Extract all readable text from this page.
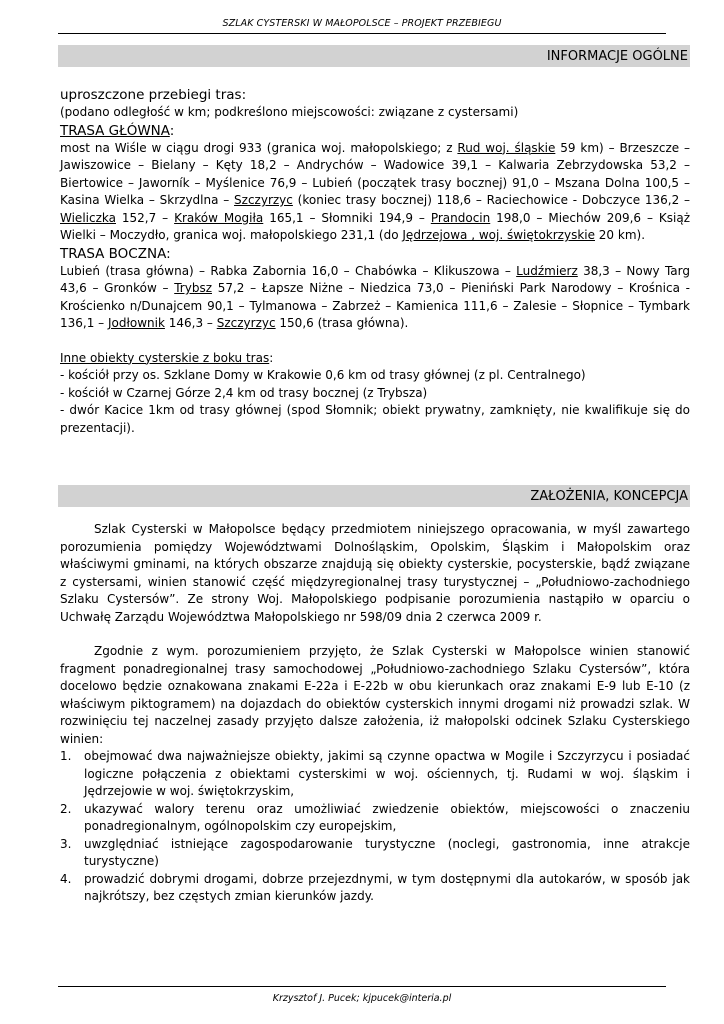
SZLAK CYSTERSKI W MAŁOPOLSCE – PROJEKT PRZEBIEGU
INFORMACJE OGÓLNE

uproszczone przebiegi tras:

(podano odległość w km; podkreślono miejscowości: związane z cystersami)

TRASA GŁÓWNA:

most na Wiśle w ciągu drogi 933 (granica woj. małopolskiego; z Rud woj. śląskie 59 km) – Brzeszcze – Jawiszowice – Bielany – Kęty 18,2 – Andrychów – Wadowice 39,1 – Kalwaria Zebrzydowska 53,2 – Biertowice – Jaworník – Myślenice 76,9 – Lubień (początek trasy bocznej) 91,0 – Mszana Dolna 100,5 – Kasina Wielka – Skrzydlna – Szczyrzyc (koniec trasy bocznej) 118,6 – Raciechowice - Dobczyce 136,2 – Wieliczka 152,7 – Kraków Mogiła 165,1 – Słomniki 194,9 – Prandocin 198,0 – Miechów 209,6 – Książ Wielki – Moczydło, granica woj. małopolskiego 231,1 (do Jędrzejowa , woj. świętokrzyskie 20 km).

TRASA BOCZNA:

Lubień (trasa główna) – Rabka Zabornia 16,0 – Chabówka – Klikuszowa – Ludźmierz 38,3 – Nowy Targ 43,6 – Gronków – Trybsz 57,2 – Łapsze Niżne – Niedzica 73,0 – Pieniński Park Narodowy – Krośnica - Krościenko n/Dunajcem 90,1 – Tylmanowa – Zabrzeż – Kamienica 111,6 – Zalesie – Słopnice – Tymbark 136,1 – Jodłownik 146,3 – Szczyrzyc 150,6 (trasa główna).

Inne obiekty cysterskie z boku tras:

- kościół przy os. Szklane Domy w Krakowie 0,6 km od trasy głównej (z pl. Centralnego)

- kościół w Czarnej Górze 2,4 km od trasy bocznej (z Trybsza)

- dwór Kacice 1km od trasy głównej (spod Słomnik; obiekt prywatny, zamknięty, nie kwalifikuje się do prezentacji).

ZAŁOŻENIA, KONCEPCJA

Szlak Cysterski w Małopolsce będący przedmiotem niniejszego opracowania, w myśl zawartego porozumienia pomiędzy Województwami Dolnośląskim, Opolskim, Śląskim i Małopolskim oraz właściwymi gminami, na których obszarze znajdują się obiekty cysterskie, pocysterskie, bądź związane z cystersami, winien stanowić część międzyregionalnej trasy turystycznej – „Południowo-zachodniego Szlaku Cystersów”. Ze strony Woj. Małopolskiego podpisanie porozumienia nastąpiło w oparciu o Uchwałę Zarządu Województwa Małopolskiego nr 598/09 dnia 2 czerwca 2009 r.

Zgodnie z wym. porozumieniem przyjęto, że Szlak Cysterski w Małopolsce winien stanowić fragment ponadregionalnej trasy samochodowej „Południowo-zachodniego Szlaku Cystersów”, która docelowo będzie oznakowana znakami E-22a i E-22b w obu kierunkach oraz znakami E-9 lub E-10 (z właściwym piktogramem) na dojazdach do obiektów cysterskich innymi drogami niż prowadzi szlak. W rozwinięciu tej naczelnej zasady przyjęto dalsze założenia, iż małopolski odcinek Szlaku Cysterskiego winien:

1. obejmować dwa najważniejsze obiekty, jakimi są czynne opactwa w Mogile i Szczyrzycu i posiadać logiczne połączenia z obiektami cysterskimi w woj. ościennych, tj. Rudami w woj. śląskim i Jędrzejowie w woj. świętokrzyskim,
2. ukazywać walory terenu oraz umożliwiać zwiedzenie obiektów, miejscowości o znaczeniu ponadregionalnym, ogólnopolskim czy europejskim,
3. uwzględniać istniejące zagospodarowanie turystyczne (noclegi, gastronomia, inne atrakcje turystyczne)
4. prowadzić dobrymi drogami, dobrze przejezdnymi, w tym dostępnymi dla autokarów, w sposób jak najkrótszy, bez częstych zmian kierunków jazdy.
Krzysztof J. Pucek; kjpucek@interia.pl
